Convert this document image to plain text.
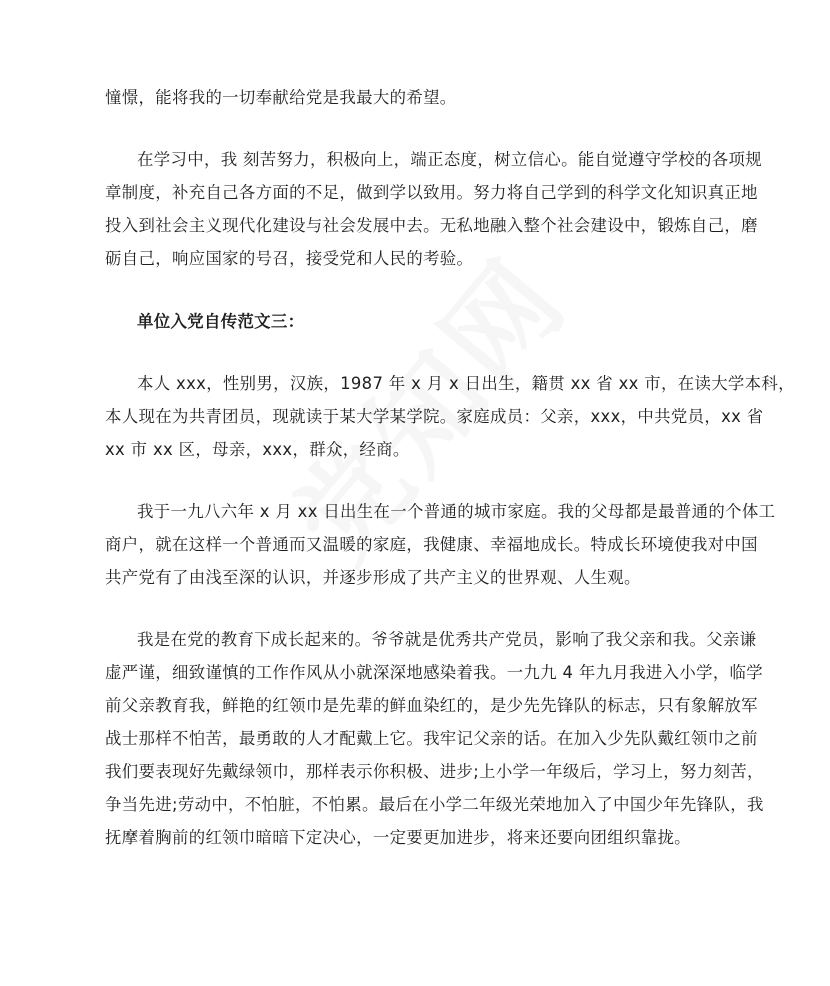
憧憬，能将我的一切奉献给党是我最大的希望。
在学习中，我 刻苦努力，积极向上，端正态度，树立信心。能自觉遵守学校的各项规
章制度，补充自己各方面的不足，做到学以致用。努力将自己学到的科学文化知识真正地
投入到社会主义现代化建设与社会发展中去。无私地融入整个社会建设中，锻炼自己，磨
砺自己，响应国家的号召，接受党和人民的考验。
单位入党自传范文三：
本人 xxx，性别男，汉族，1987 年 x 月 x 日出生，籍贯 xx 省 xx 市，在读大学本科，
本人现在为共青团员，现就读于某大学某学院。家庭成员：父亲，xxx，中共党员，xx 省
xx 市 xx 区，母亲，xxx，群众，经商。
我于一九八六年 x 月 xx 日出生在一个普通的城市家庭。我的父母都是最普通的个体工
商户，就在这样一个普通而又温暖的家庭，我健康、幸福地成长。特成长环境使我对中国
共产党有了由浅至深的认识，并逐步形成了共产主义的世界观、人生观。
我是在党的教育下成长起来的。爷爷就是优秀共产党员，影响了我父亲和我。父亲谦
虚严谨，细致谨慎的工作作风从小就深深地感染着我。一九九 4 年九月我进入小学，临学
前父亲教育我，鲜艳的红领巾是先辈的鲜血染红的，是少先先锋队的标志，只有象解放军
战士那样不怕苦，最勇敢的人才配戴上它。我牢记父亲的话。在加入少先队戴红领巾之前
我们要表现好先戴绿领巾，那样表示你积极、进步;上小学一年级后，学习上，努力刻苦，
争当先进;劳动中，不怕脏，不怕累。最后在小学二年级光荣地加入了中国少年先锋队，我
抚摩着胸前的红领巾暗暗下定决心，一定要更加进步，将来还要向团组织靠拢。
